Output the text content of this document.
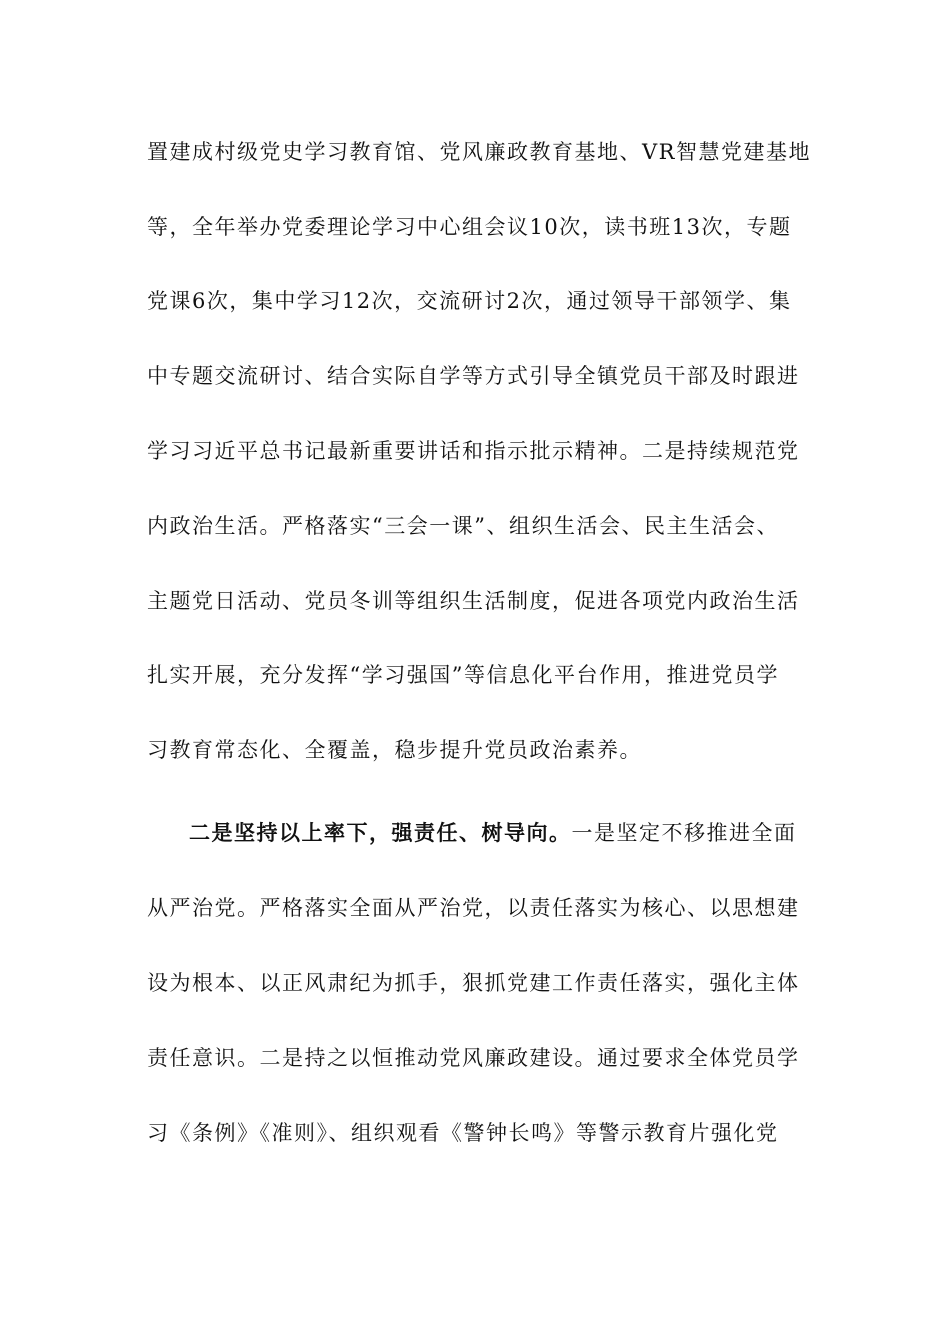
置建成村级党史学习教育馆、党风廉政教育基地、VR智慧党建基地
等，全年举办党委理论学习中心组会议10次，读书班13次，专题
党课6次，集中学习12次，交流研讨2次，通过领导干部领学、集
中专题交流研讨、结合实际自学等方式引导全镇党员干部及时跟进
学习习近平总书记最新重要讲话和指示批示精神。二是持续规范党
内政治生活。严格落实“三会一课”、组织生活会、民主生活会、
主题党日活动、党员冬训等组织生活制度，促进各项党内政治生活
扎实开展，充分发挥“学习强国”等信息化平台作用，推进党员学
习教育常态化、全覆盖，稳步提升党员政治素养。
二是坚持以上率下，强责任、树导向。一是坚定不移推进全面
从严治党。严格落实全面从严治党，以责任落实为核心、以思想建
设为根本、以正风肃纪为抓手，狠抓党建工作责任落实，强化主体
责任意识。二是持之以恒推动党风廉政建设。通过要求全体党员学
习《条例》《准则》、组织观看《警钟长鸣》等警示教育片强化党
